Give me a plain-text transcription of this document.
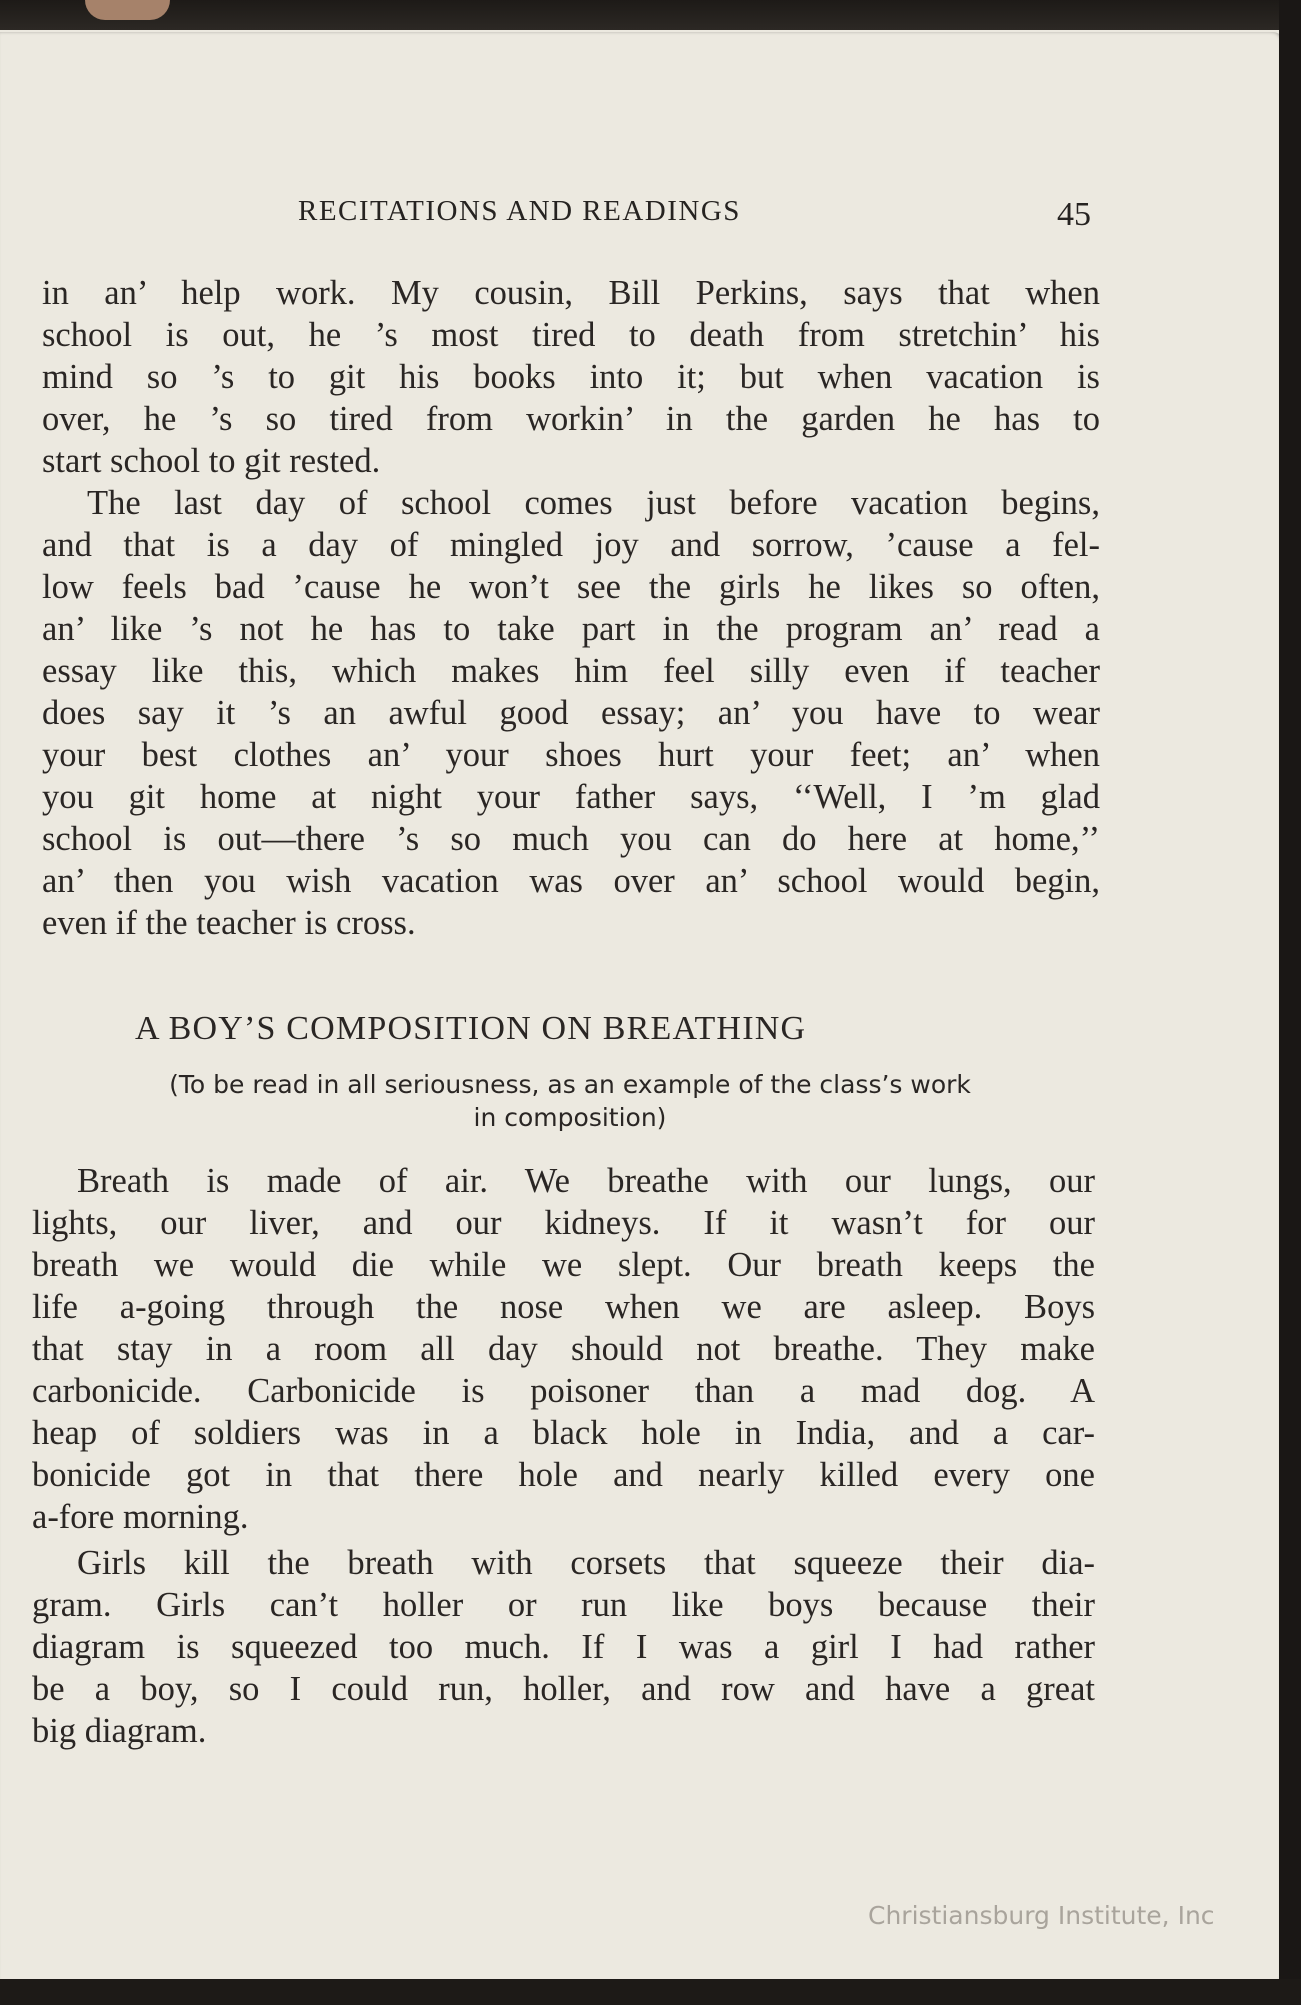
RECITATIONS AND READINGS	45
in an’ help work. My cousin, Bill Perkins, says that when
school is out, he ’s most tired to death from stretchin’ his
mind so ’s to git his books into it; but when vacation is
over, he ’s so tired from workin’ in the garden he has to
start school to git rested.
The last day of school comes just before vacation begins,
and that is a day of mingled joy and sorrow, ’cause a fel-
low feels bad ’cause he won’t see the girls he likes so often,
an’ like ’s not he has to take part in the program an’ read a
essay like this, which makes him feel silly even if teacher
does say it ’s an awful good essay; an’ you have to wear
your best clothes an’ your shoes hurt your feet; an’ when
you git home at night your father says, ‘‘Well, I ’m glad
school is out—there ’s so much you can do here at home,’’
an’ then you wish vacation was over an’ school would begin,
even if the teacher is cross.
A BOY’S COMPOSITION ON BREATHING
(To be read in all seriousness, as an example of the class’s work
in composition)
Breath is made of air. We breathe with our lungs, our
lights, our liver, and our kidneys. If it wasn’t for our
breath we would die while we slept. Our breath keeps the
life a-going through the nose when we are asleep. Boys
that stay in a room all day should not breathe. They make
carbonicide. Carbonicide is poisoner than a mad dog. A
heap of soldiers was in a black hole in India, and a car-
bonicide got in that there hole and nearly killed every one
a-fore morning.
Girls kill the breath with corsets that squeeze their dia-
gram. Girls can’t holler or run like boys because their
diagram is squeezed too much. If I was a girl I had rather
be a boy, so I could run, holler, and row and have a great
big diagram.
Christiansburg Institute, Inc
